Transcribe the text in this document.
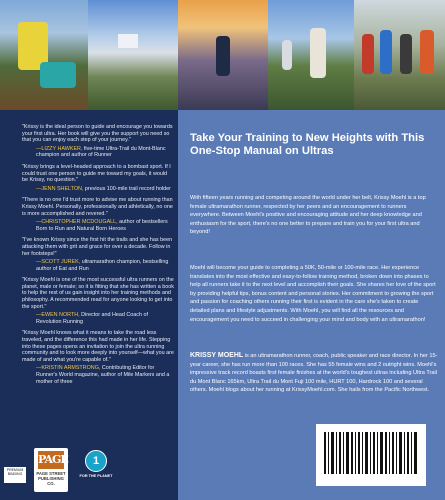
"Krissy is the ideal person to guide and encourage you towards your first ultra. Her book will give you the support you need so that you can enjoy each step of your journey."
—LIZZY HAWKER, five-time Ultra-Trail du Mont-Blanc champion and author of Runner
"Krissy brings a level-headed approach to a bombast sport. If I could trust one person to guide me toward my goals, it would be Krissy, no question."
—JENN SHELTON, previous 100-mile trail record holder
"There is no one I'd trust more to advise me about running than Krissy Moehl. Personally, professionally and athletically, no one is more accomplished and revered."
—CHRISTOPHER MCDOUGALL, author of bestsellers Born to Run and Natural Born Heroes
"I've known Krissy since the first hit the trails and she has been attacking them with grit and grace for over a decade. Follow in her footsteps!"
—SCOTT JUREK, ultramarathon champion, bestselling author of Eat and Run
"Krissy Moehl is one of the most successful ultra runners on the planet, male or female; so it is fitting that she has written a book to help the rest of us gain insight into her training methods and philosophy. A recommended read for anyone looking to get into the sport."
—EWEN NORTH, Director and Head Coach of Revolution Running
"Krissy Moehl knows what it means to take the road less traveled, and the difference this had made in her life. Stepping into these pages opens an invitation to join the ultra running community and to look more deeply into yourself—what you are made of and what you're capable of."
—KRISTIN ARMSTRONG, Contributing Editor for Runner's World magazine, author of Mile Markers and a mother of three
PREMIUM BINDING
PAGE
PAGE STREET PUBLISHING CO.
1
FOR THE PLANET
Take Your Training to New Heights with This One-Stop Manual on Ultras
With fifteen years running and competing around the world under her belt, Krissy Moehl is a top female ultramarathon runner, respected by her peers and an encouragement to runners everywhere. Between Moehl's positive and encouraging attitude and her deep knowledge and enthusiasm for the sport, there's no one better to prepare and train you for your first ultra and beyond!
Moehl will become your guide to completing a 50K, 50-mile or 100-mile race. Her experience translates into the most effective and easy-to-follow training method, broken down into phases to help all runners take it to the next level and accomplish their goals. She shares her love of the sport by providing helpful tips, bonus content and personal stories. Her commitment to growing the sport and passion for coaching others running their first is evident in the care she's taken to create detailed plans and lifestyle adjustments. With Moehl, you will find all the resources and encouragement you need to succeed in challenging your mind and body with an ultramarathon!
KRISSY MOEHL is an ultramarathon runner, coach, public speaker and race director. In her 15-year career, she has run more than 100 races. She has 55 female wins and 2 outright wins. Moehl's impressive track record boasts first female finishes at the world's toughest ultras including Ultra Trail du Mont Blanc 165km, Ultra Trail du Mont Fuji 100 mile, HURT 100, Hardrock 100 and several others. Moehl blogs about her running at KrissyMoehl.com. She hails from the Pacific Northwest.
